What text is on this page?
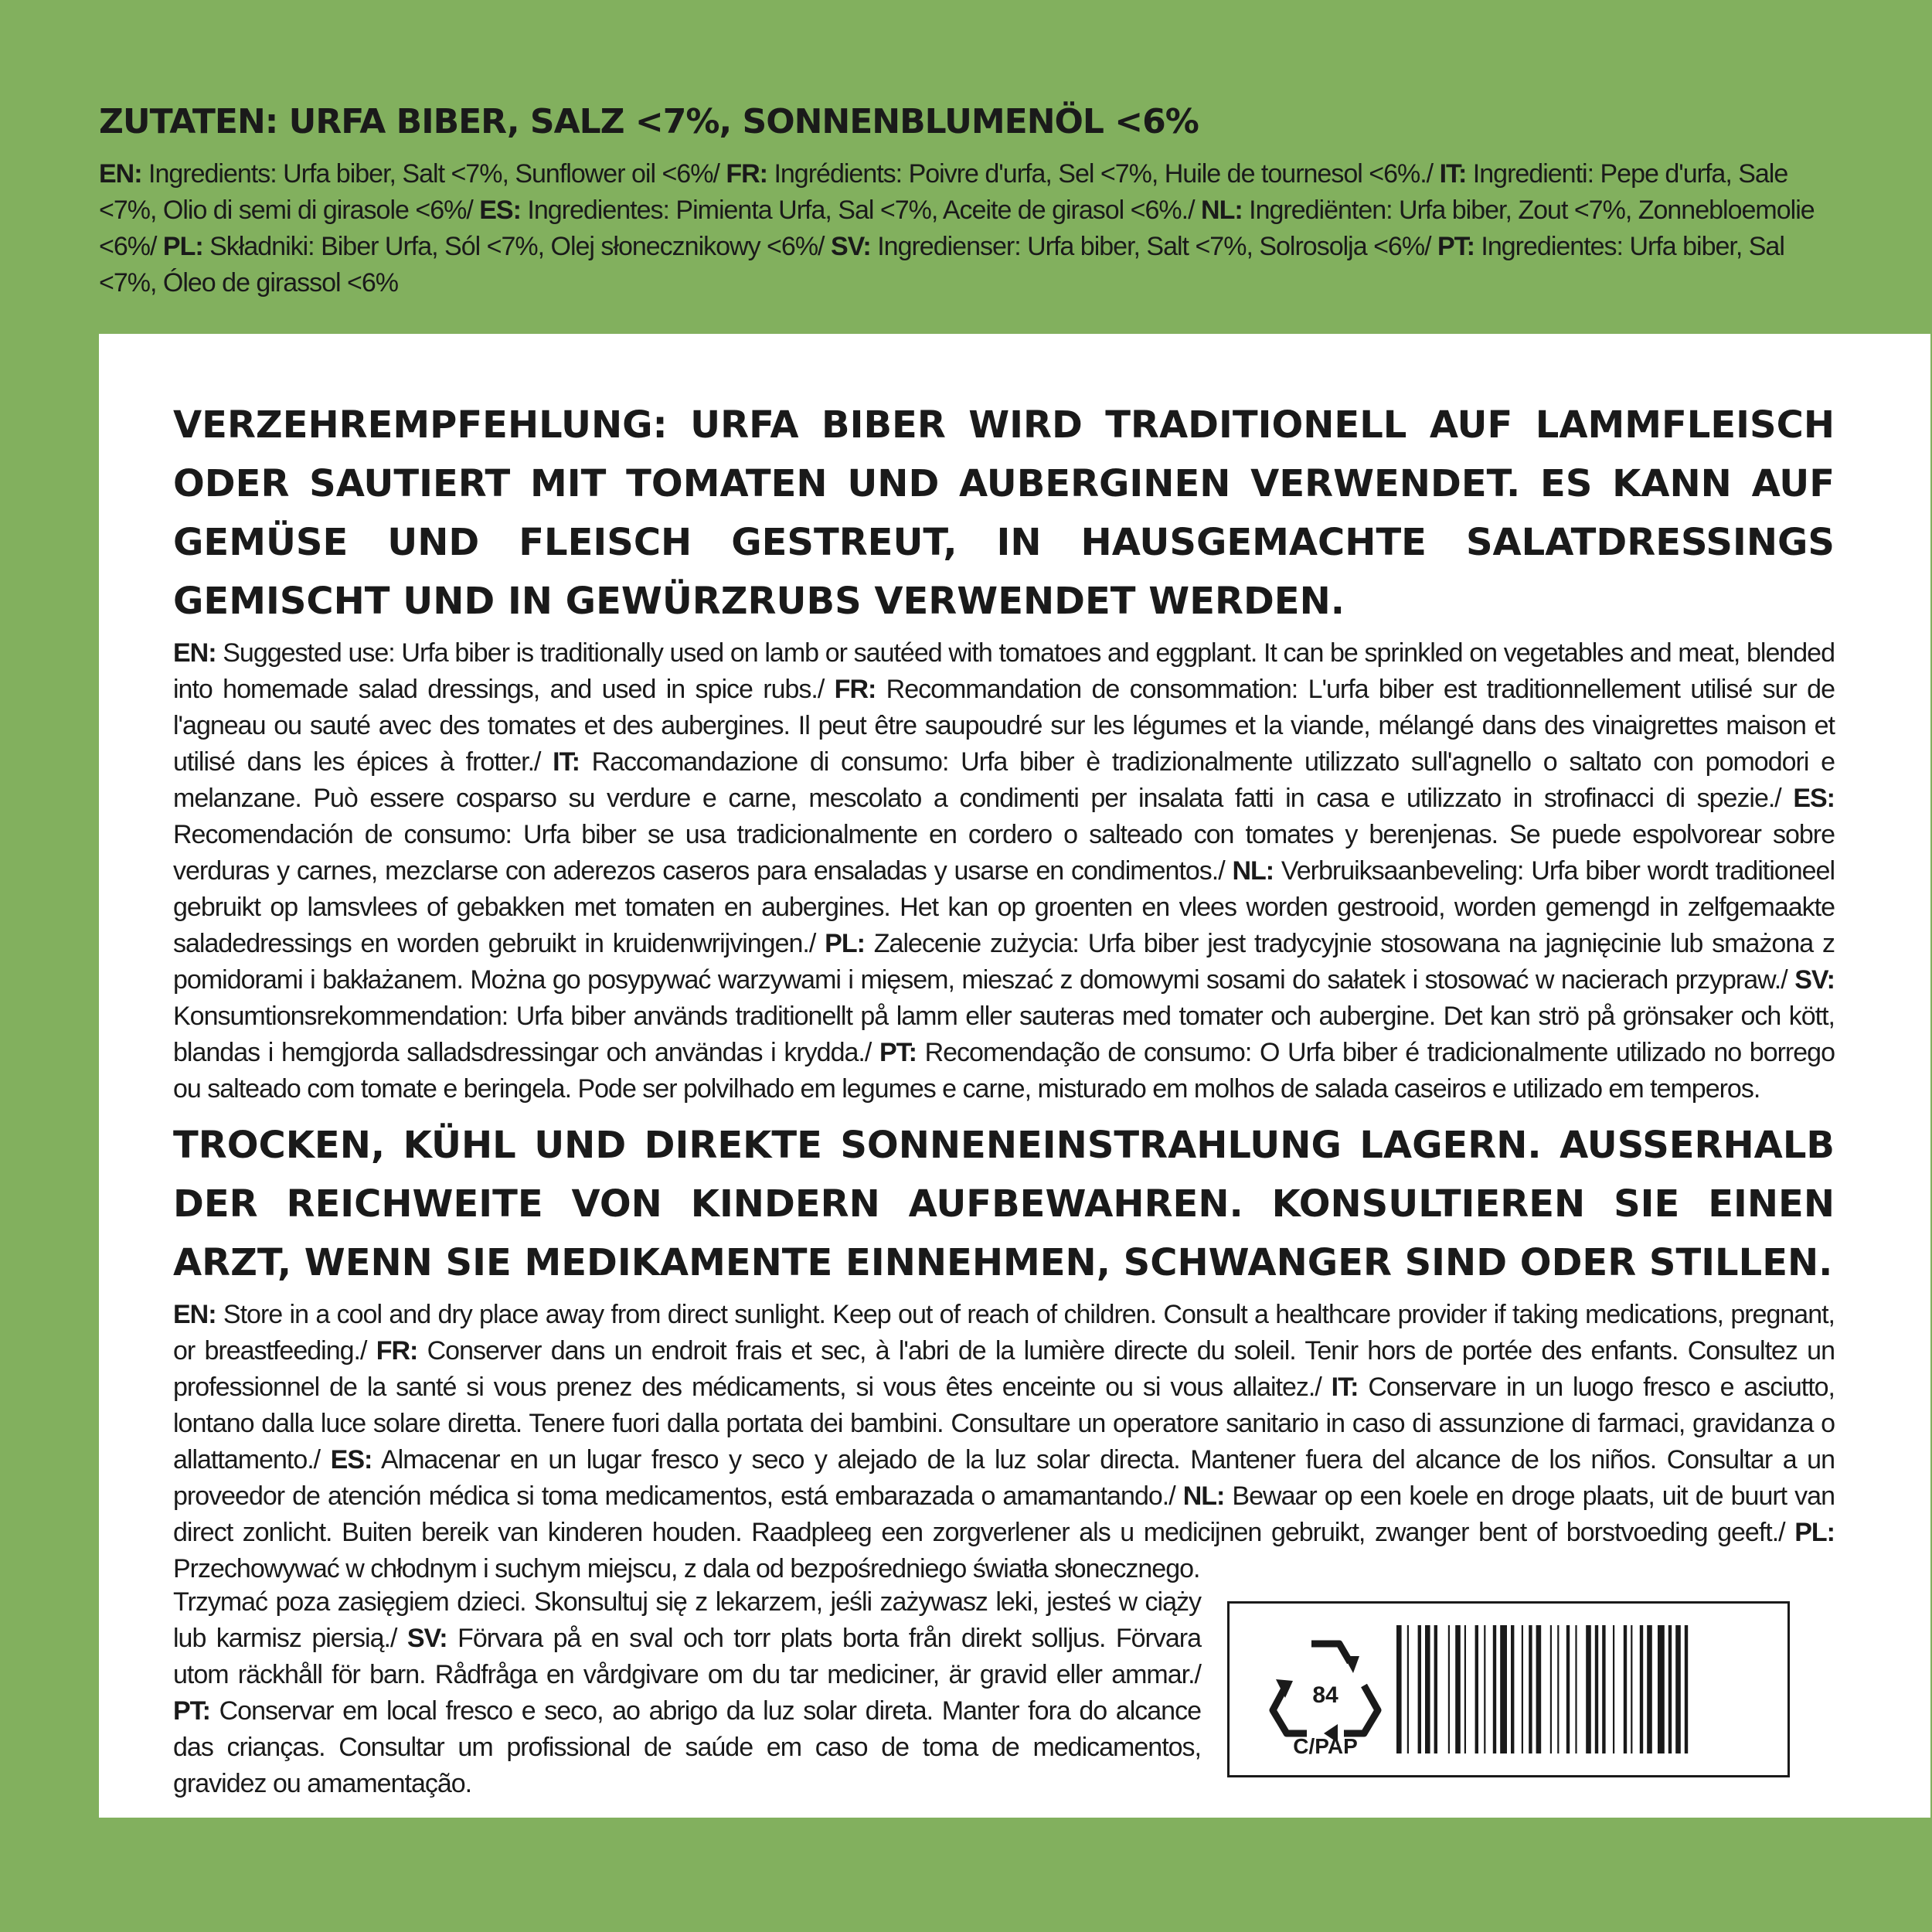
ZUTATEN: URFA BIBER, SALZ <7%, SONNENBLUMENÖL <6%
EN: Ingredients: Urfa biber, Salt <7%, Sunflower oil <6%/ FR: Ingrédients: Poivre d'urfa, Sel <7%, Huile de tournesol <6%./ IT: Ingredienti: Pepe d'urfa, Sale <7%, Olio di semi di girasole <6%/ ES: Ingredientes: Pimienta Urfa, Sal <7%, Aceite de girasol <6%./ NL: Ingrediënten: Urfa biber, Zout <7%, Zonnebloemolie <6%/ PL: Składniki: Biber Urfa, Sól <7%, Olej słonecznikowy <6%/ SV: Ingredienser: Urfa biber, Salt <7%, Solrosolja <6%/ PT: Ingredientes: Urfa biber, Sal <7%, Óleo de girassol <6%
VERZEHREMPFEHLUNG: URFA BIBER WIRD TRADITIONELL AUF LAMMFLEISCH ODER SAUTIERT MIT TOMATEN UND AUBERGINEN VERWENDET. ES KANN AUF GEMÜSE UND FLEISCH GESTREUT, IN HAUSGEMACHTE SALATDRESSINGS GEMISCHT UND IN GEWÜRZRUBS VERWENDET WERDEN.
EN: Suggested use: Urfa biber is traditionally used on lamb or sautéed with tomatoes and eggplant. It can be sprinkled on vegetables and meat, blended into homemade salad dressings, and used in spice rubs./ FR: Recommandation de consommation: L'urfa biber est traditionnellement utilisé sur de l'agneau ou sauté avec des tomates et des aubergines. Il peut être saupoudré sur les légumes et la viande, mélangé dans des vinaigrettes maison et utilisé dans les épices à frotter./ IT: Raccomandazione di consumo: Urfa biber è tradizionalmente utilizzato sull'agnello o saltato con pomodori e melanzane. Può essere cosparso su verdure e carne, mescolato a condimenti per insalata fatti in casa e utilizzato in strofinacci di spezie./ ES: Recomendación de consumo: Urfa biber se usa tradicionalmente en cordero o salteado con tomates y berenjenas. Se puede espolvorear sobre verduras y carnes, mezclarse con aderezos caseros para ensaladas y usarse en condimentos./ NL: Verbruiksaanbeveling: Urfa biber wordt traditioneel gebruikt op lamsvlees of gebakken met tomaten en aubergines. Het kan op groenten en vlees worden gestrooid, worden gemengd in zelfgemaakte saladedressings en worden gebruikt in kruidenwrijvingen./ PL: Zalecenie zużycia: Urfa biber jest tradycyjnie stosowana na jagnięcinie lub smażona z pomidorami i bakłażanem. Można go posypywać warzywami i mięsem, mieszać z domowymi sosami do sałatek i stosować w nacierach przypraw./ SV: Konsumtionsrekommendation: Urfa biber används traditionellt på lamm eller sauteras med tomater och aubergine. Det kan strö på grönsaker och kött, blandas i hemgjorda salladsdressingar och användas i krydda./ PT: Recomendação de consumo: O Urfa biber é tradicionalmente utilizado no borrego ou salteado com tomate e beringela. Pode ser polvilhado em legumes e carne, misturado em molhos de salada caseiros e utilizado em temperos.
TROCKEN, KÜHL UND DIREKTE SONNENEINSTRAHLUNG LAGERN. AUSSERHALB DER REICHWEITE VON KINDERN AUFBEWAHREN. KONSULTIEREN SIE EINEN ARZT, WENN SIE MEDIKAMENTE EINNEHMEN, SCHWANGER SIND ODER STILLEN.
EN: Store in a cool and dry place away from direct sunlight. Keep out of reach of children. Consult a healthcare provider if taking medications, pregnant, or breastfeeding./ FR: Conserver dans un endroit frais et sec, à l'abri de la lumière directe du soleil. Tenir hors de portée des enfants. Consultez un professionnel de la santé si vous prenez des médicaments, si vous êtes enceinte ou si vous allaitez./ IT: Conservare in un luogo fresco e asciutto, lontano dalla luce solare diretta. Tenere fuori dalla portata dei bambini. Consultare un operatore sanitario in caso di assunzione di farmaci, gravidanza o allattamento./ ES: Almacenar en un lugar fresco y seco y alejado de la luz solar directa. Mantener fuera del alcance de los niños. Consultar a un proveedor de atención médica si toma medicamentos, está embarazada o amamantando./ NL: Bewaar op een koele en droge plaats, uit de buurt van direct zonlicht. Buiten bereik van kinderen houden. Raadpleeg een zorgverlener als u medicijnen gebruikt, zwanger bent of borstvoeding geeft./ PL: Przechowywać w chłodnym i suchym miejscu, z dala od bezpośredniego światła słonecznego.
Trzymać poza zasięgiem dzieci. Skonsultuj się z lekarzem, jeśli zażywasz leki, jesteś w ciąży lub karmisz piersią./ SV: Förvara på en sval och torr plats borta från direkt solljus. Förvara utom räckhåll för barn. Rådfråga en vårdgivare om du tar mediciner, är gravid eller ammar./ PT: Conservar em local fresco e seco, ao abrigo da luz solar direta. Manter fora do alcance das crianças. Consultar um profissional de saúde em caso de toma de medicamentos, gravidez ou amamentação.
84
C/PAP
